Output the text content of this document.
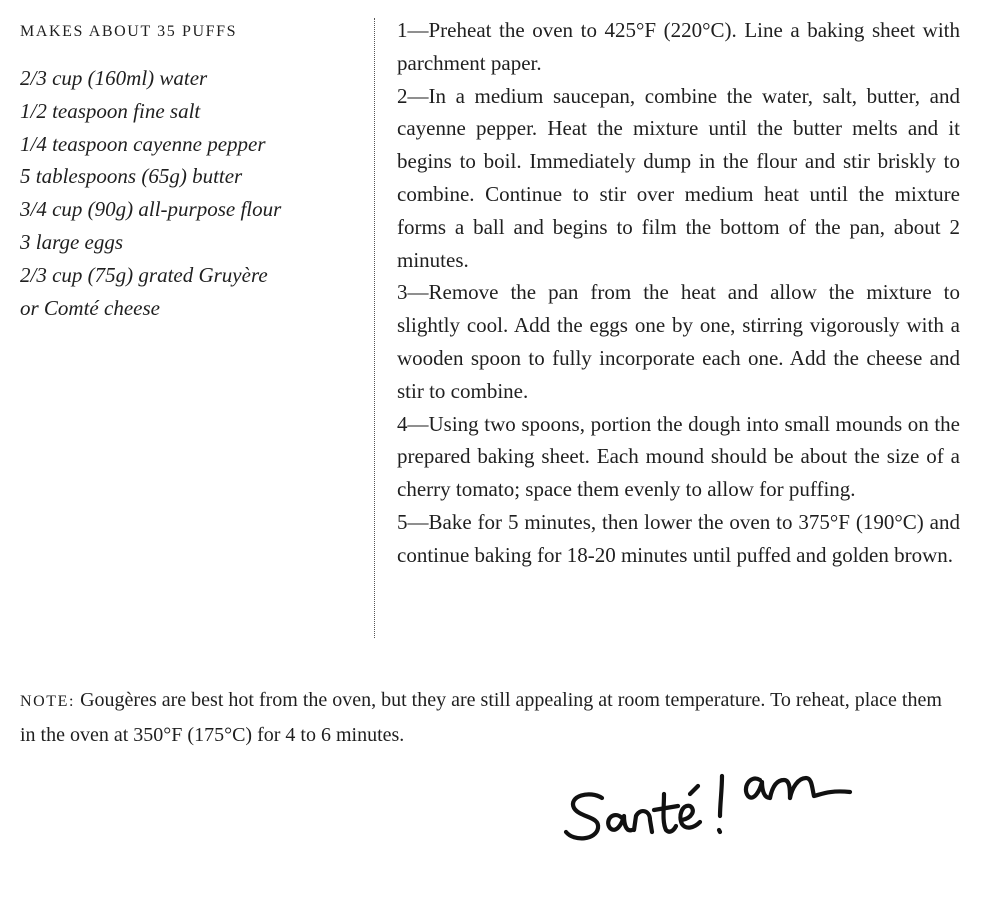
MAKES ABOUT 35 PUFFS

2/3 cup (160ml) water
1/2 teaspoon fine salt
1/4 teaspoon cayenne pepper
5 tablespoons (65g) butter
3/4 cup (90g) all-purpose flour
3 large eggs
2/3 cup (75g) grated Gruyère
or Comté cheese

1—Preheat the oven to 425°F (220°C). Line a baking sheet with parchment paper.

2—In a medium saucepan, combine the water, salt, butter, and cayenne pepper. Heat the mixture until the butter melts and it begins to boil. Immediately dump in the flour and stir briskly to combine. Continue to stir over medium heat until the mixture forms a ball and begins to film the bottom of the pan, about 2 minutes.

3—Remove the pan from the heat and allow the mixture to slightly cool. Add the eggs one by one, stirring vigorously with a wooden spoon to fully incorporate each one. Add the cheese and stir to combine.

4—Using two spoons, portion the dough into small mounds on the prepared baking sheet. Each mound should be about the size of a cherry tomato; space them evenly to allow for puffing.

5—Bake for 5 minutes, then lower the oven to 375°F (190°C) and continue baking for 18-20 minutes until puffed and golden brown.

NOTE: Gougères are best hot from the oven, but they are still appealing at room temperature. To reheat, place them in the oven at 350°F (175°C) for 4 to 6 minutes.
